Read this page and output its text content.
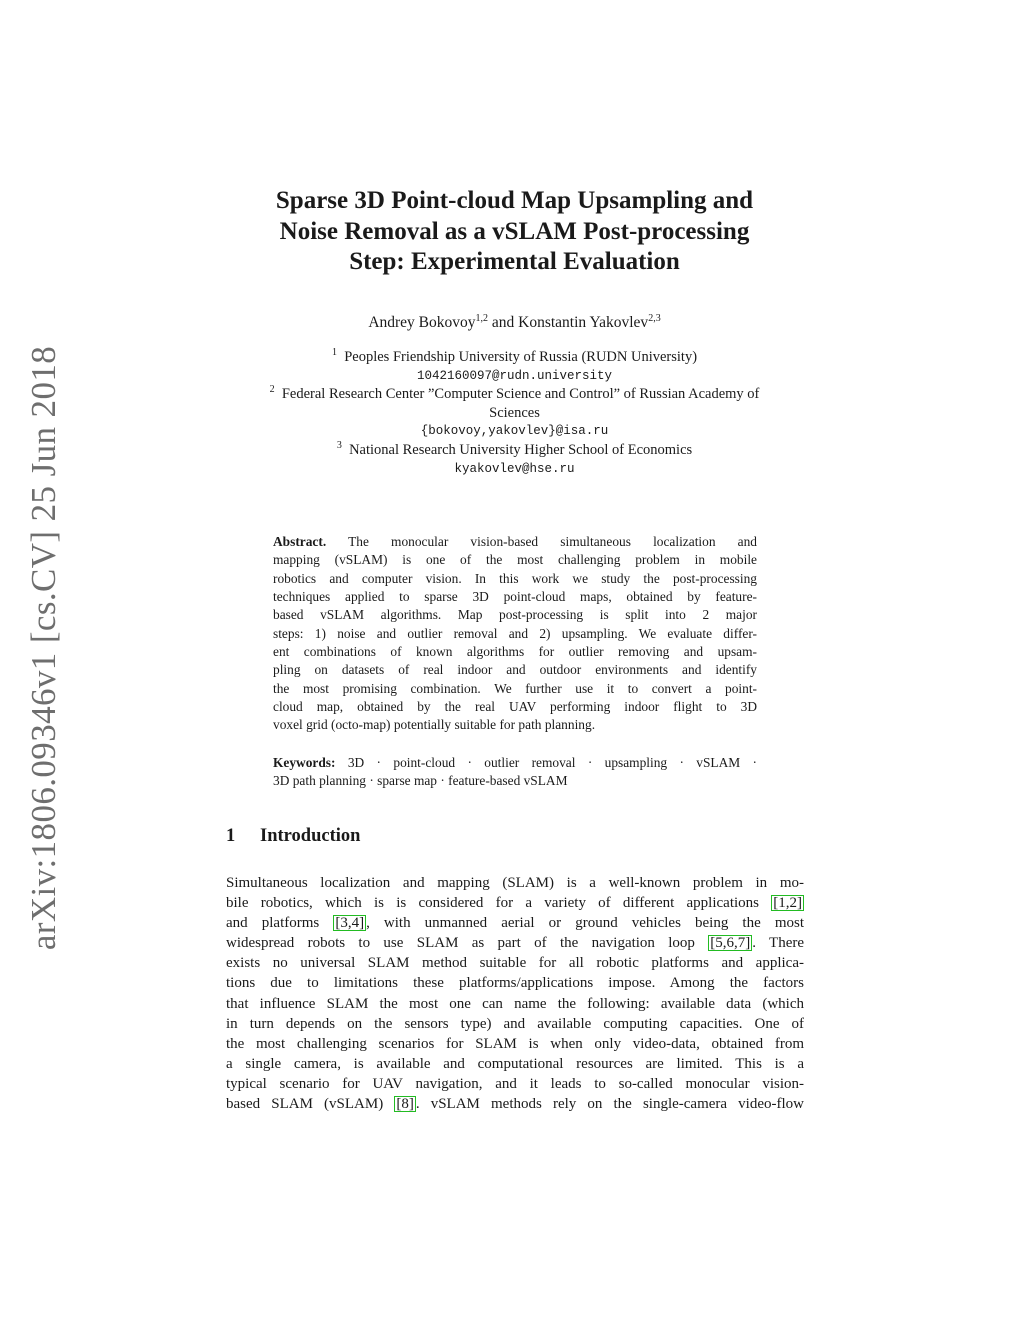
arXiv:1806.09346v1 [cs.CV] 25 Jun 2018
Sparse 3D Point-cloud Map Upsampling and
Noise Removal as a vSLAM Post-processing
Step: Experimental Evaluation
Andrey Bokovoy$^{1,2}$ and Konstantin Yakovlev$^{2,3}$
$^1$ Peoples Friendship University of Russia (RUDN University)
1042160097@rudn.university
$^2$ Federal Research Center ”Computer Science and Control” of Russian Academy of
Sciences
{bokovoy,yakovlev}@isa.ru
$^3$ National Research University Higher School of Economics
kyakovlev@hse.ru
Abstract. The monocular vision-based simultaneous localization and
mapping (vSLAM) is one of the most challenging problem in mobile
robotics and computer vision. In this work we study the post-processing
techniques applied to sparse 3D point-cloud maps, obtained by feature-
based vSLAM algorithms. Map post-processing is split into 2 major
steps: 1) noise and outlier removal and 2) upsampling. We evaluate differ-
ent combinations of known algorithms for outlier removing and upsam-
pling on datasets of real indoor and outdoor environments and identify
the most promising combination. We further use it to convert a point-
cloud map, obtained by the real UAV performing indoor flight to 3D
voxel grid (octo-map) potentially suitable for path planning.
Keywords: 3D · point-cloud · outlier removal · upsampling · vSLAM ·
3D path planning · sparse map · feature-based vSLAM
1 Introduction
Simultaneous localization and mapping (SLAM) is a well-known problem in mo-
bile robotics, which is is considered for a variety of different applications [1,2]
and platforms [3,4] , with unmanned aerial or ground vehicles being the most
widespread robots to use SLAM as part of the navigation loop [5,6,7] . There
exists no universal SLAM method suitable for all robotic platforms and applica-
tions due to limitations these platforms/applications impose. Among the factors
that influence SLAM the most one can name the following: available data (which
in turn depends on the sensors type) and available computing capacities. One of
the most challenging scenarios for SLAM is when only video-data, obtained from
a single camera, is available and computational resources are limited. This is a
typical scenario for UAV navigation, and it leads to so-called monocular vision-
based SLAM (vSLAM) [8] . vSLAM methods rely on the single-camera video-flow
